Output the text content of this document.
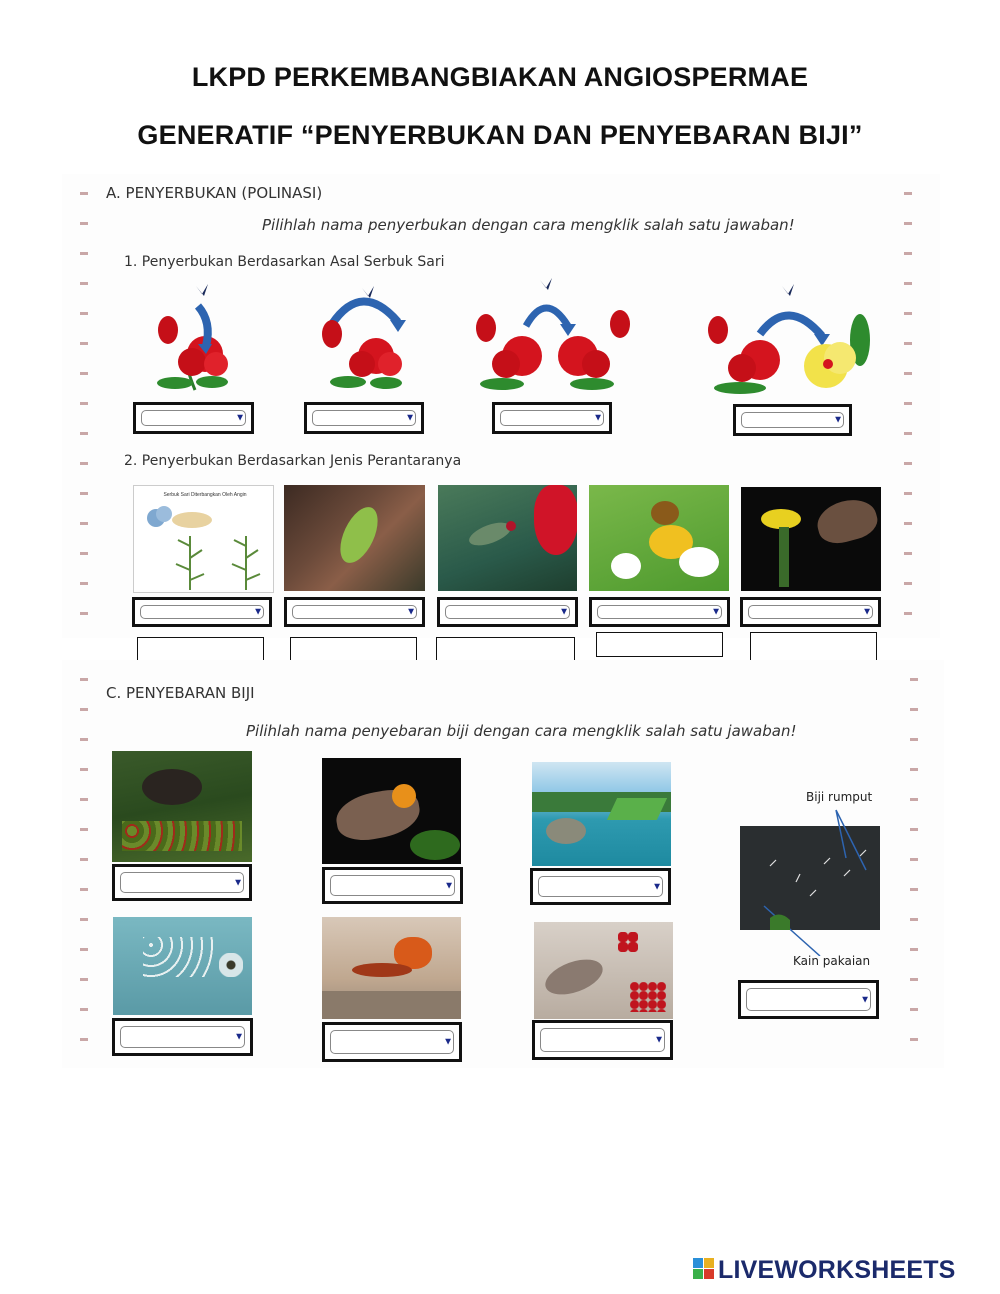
LKPD PERKEMBANGBIAKAN ANGIOSPERMAE
GENERATIF “PENYERBUKAN DAN PENYEBARAN BIJI”
A. PENYERBUKAN (POLINASI)
Pilihlah nama penyerbukan dengan cara mengklik salah satu jawaban!
1. Penyerbukan Berdasarkan Asal Serbuk Sari
▼	▼	▼	▼
2. Penyerbukan Berdasarkan Jenis Perantaranya
Serbuk Sari Diterbangkan Oleh Angin
▼	▼	▼	▼	▼
C. PENYEBARAN BIJI
Pilihlah nama penyebaran biji dengan cara mengklik salah satu jawaban!
Biji rumput
Kain pakaian
▼	▼	▼
▼	▼	▼
▼
LIVEWORKSHEETS
